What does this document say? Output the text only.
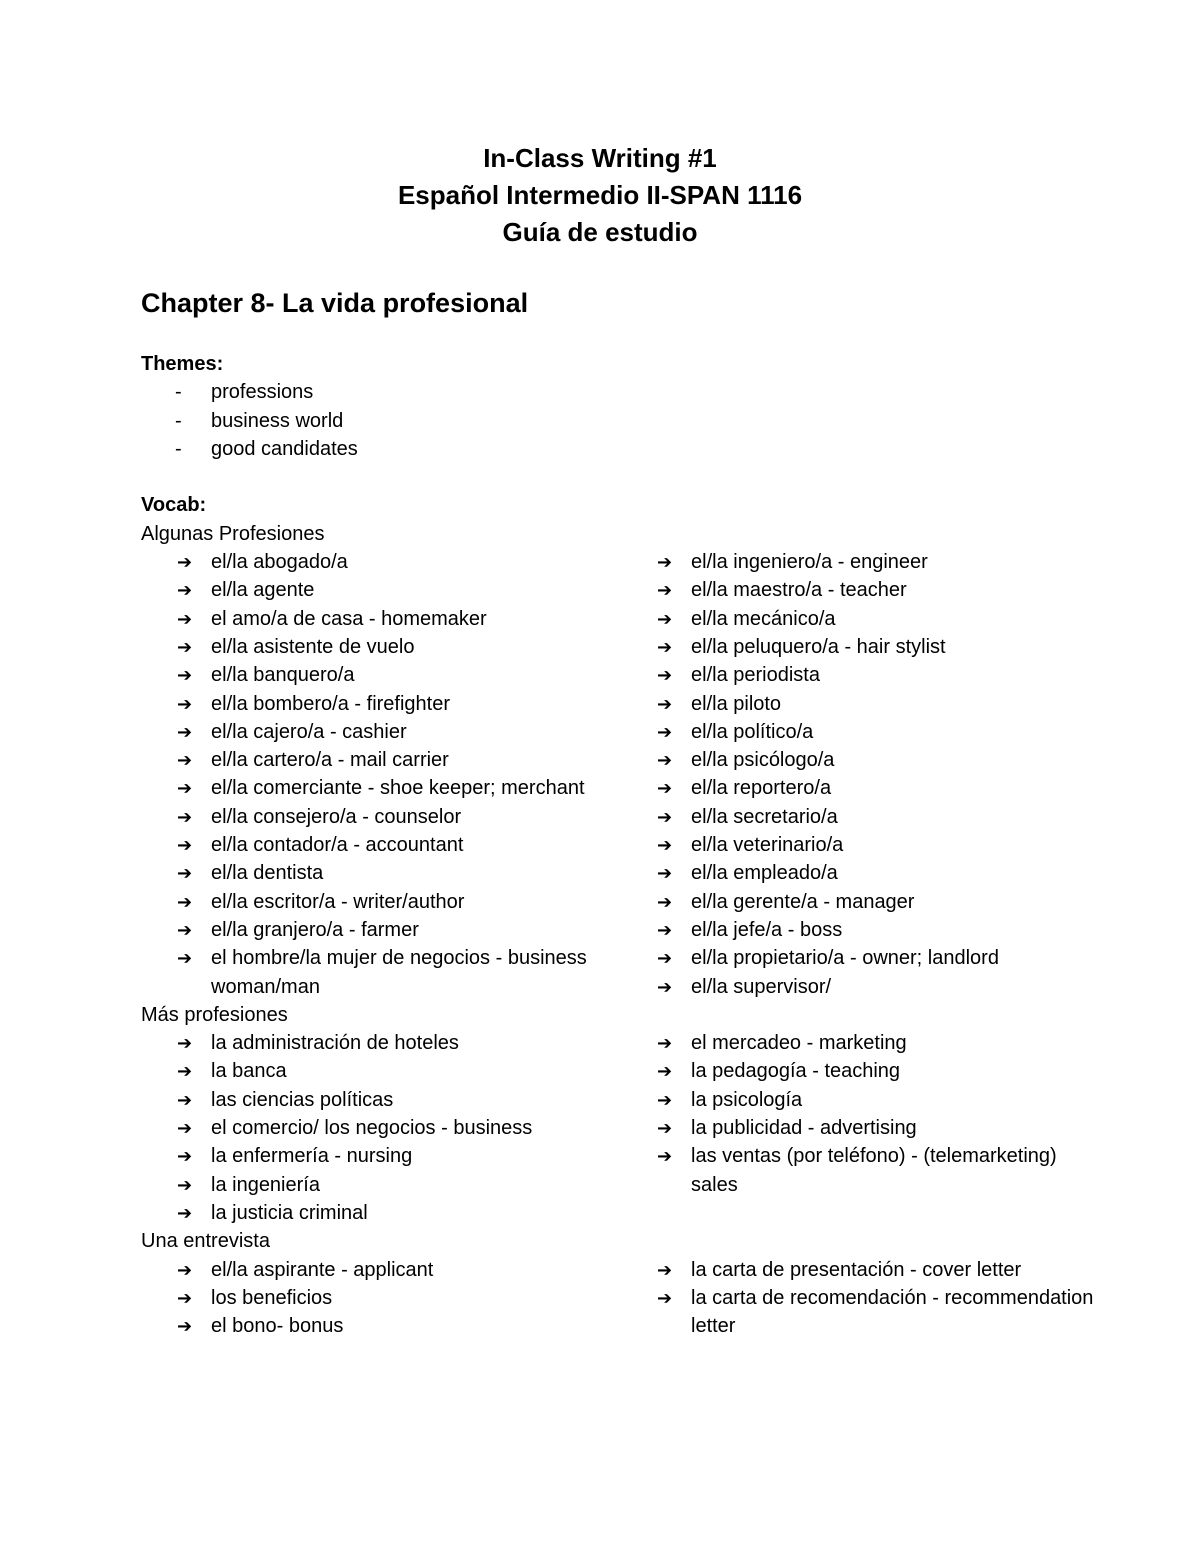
In-Class Writing #1
Español Intermedio II-SPAN 1116
Guía de estudio
Chapter 8- La vida profesional
Themes:
- professions
- business world
- good candidates
Vocab:
Algunas Profesiones
➔ el/la abogado/a
➔ el/la agente
➔ el amo/a de casa - homemaker
➔ el/la asistente de vuelo
➔ el/la banquero/a
➔ el/la bombero/a - firefighter
➔ el/la cajero/a - cashier
➔ el/la cartero/a - mail carrier
➔ el/la comerciante - shoe keeper; merchant
➔ el/la consejero/a - counselor
➔ el/la contador/a - accountant
➔ el/la dentista
➔ el/la escritor/a - writer/author
➔ el/la granjero/a - farmer
➔ el hombre/la mujer de negocios - business woman/man
➔ el/la ingeniero/a - engineer
➔ el/la maestro/a - teacher
➔ el/la mecánico/a
➔ el/la peluquero/a - hair stylist
➔ el/la periodista
➔ el/la piloto
➔ el/la político/a
➔ el/la psicólogo/a
➔ el/la reportero/a
➔ el/la secretario/a
➔ el/la veterinario/a
➔ el/la empleado/a
➔ el/la gerente/a - manager
➔ el/la jefe/a - boss
➔ el/la propietario/a - owner; landlord
➔ el/la supervisor/
Más profesiones
➔ la administración de hoteles
➔ la banca
➔ las ciencias políticas
➔ el comercio/ los negocios - business
➔ la enfermería - nursing
➔ la ingeniería
➔ la justicia criminal
➔ el mercadeo - marketing
➔ la pedagogía - teaching
➔ la psicología
➔ la publicidad - advertising
➔ las ventas (por teléfono) - (telemarketing) sales
Una entrevista
➔ el/la aspirante - applicant
➔ los beneficios
➔ el bono- bonus
➔ la carta de presentación - cover letter
➔ la carta de recomendación - recommendation letter
